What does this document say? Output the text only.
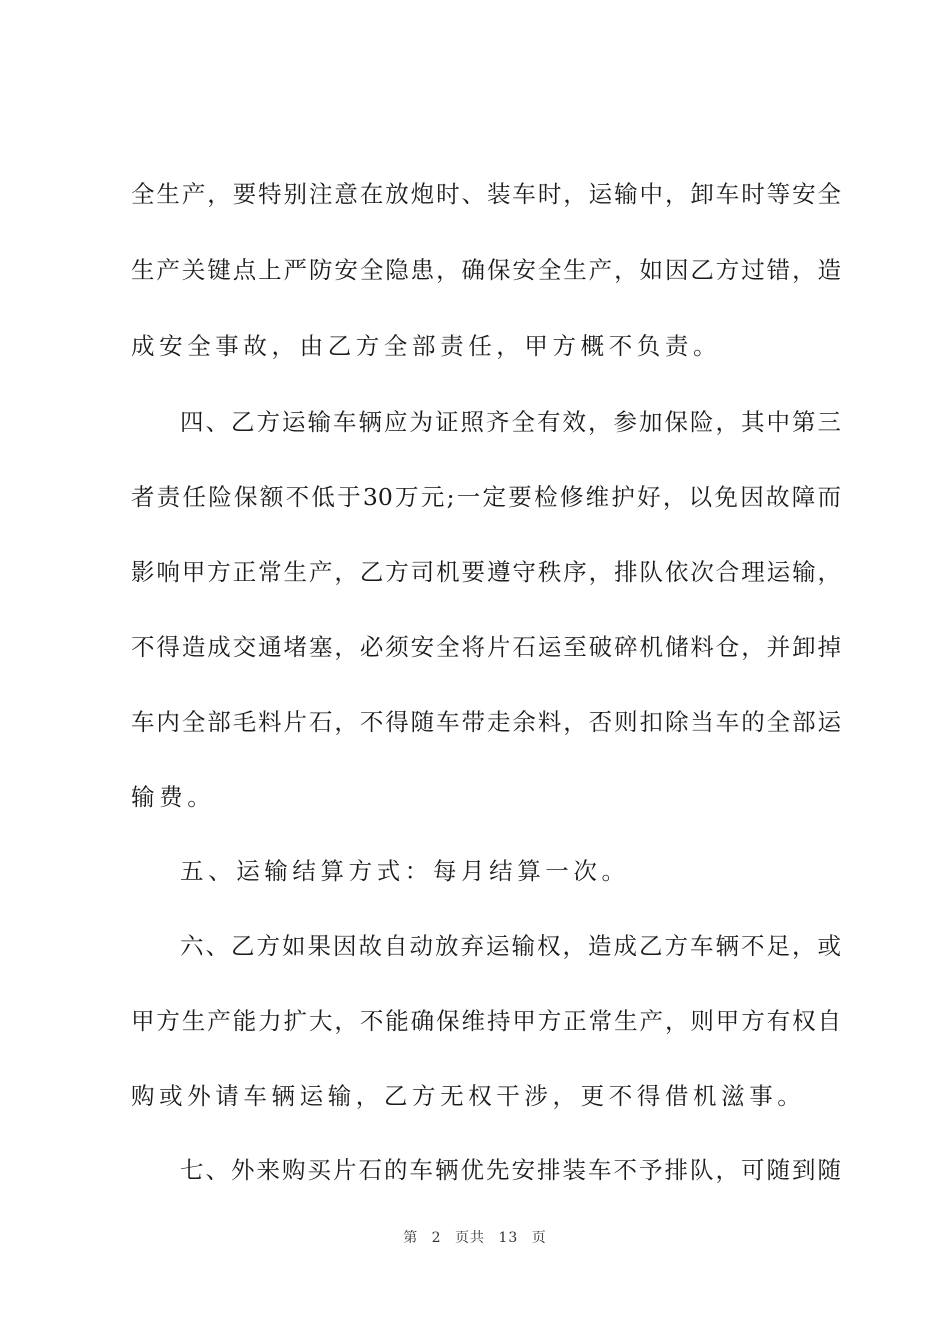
全生产，要特别注意在放炮时、装车时，运输中，卸车时等安全
生产关键点上严防安全隐患，确保安全生产，如因乙方过错，造
成安全事故，由乙方全部责任，甲方概不负责。
四、乙方运输车辆应为证照齐全有效，参加保险，其中第三
者责任险保额不低于30万元;一定要检修维护好，以免因故障而
影响甲方正常生产，乙方司机要遵守秩序，排队依次合理运输，
不得造成交通堵塞，必须安全将片石运至破碎机储料仓，并卸掉
车内全部毛料片石，不得随车带走余料，否则扣除当车的全部运
输费。
五、运输结算方式：每月结算一次。
六、乙方如果因故自动放弃运输权，造成乙方车辆不足，或
甲方生产能力扩大，不能确保维持甲方正常生产，则甲方有权自
购或外请车辆运输，乙方无权干涉，更不得借机滋事。
七、外来购买片石的车辆优先安排装车不予排队，可随到随
第 2 页共 13 页
